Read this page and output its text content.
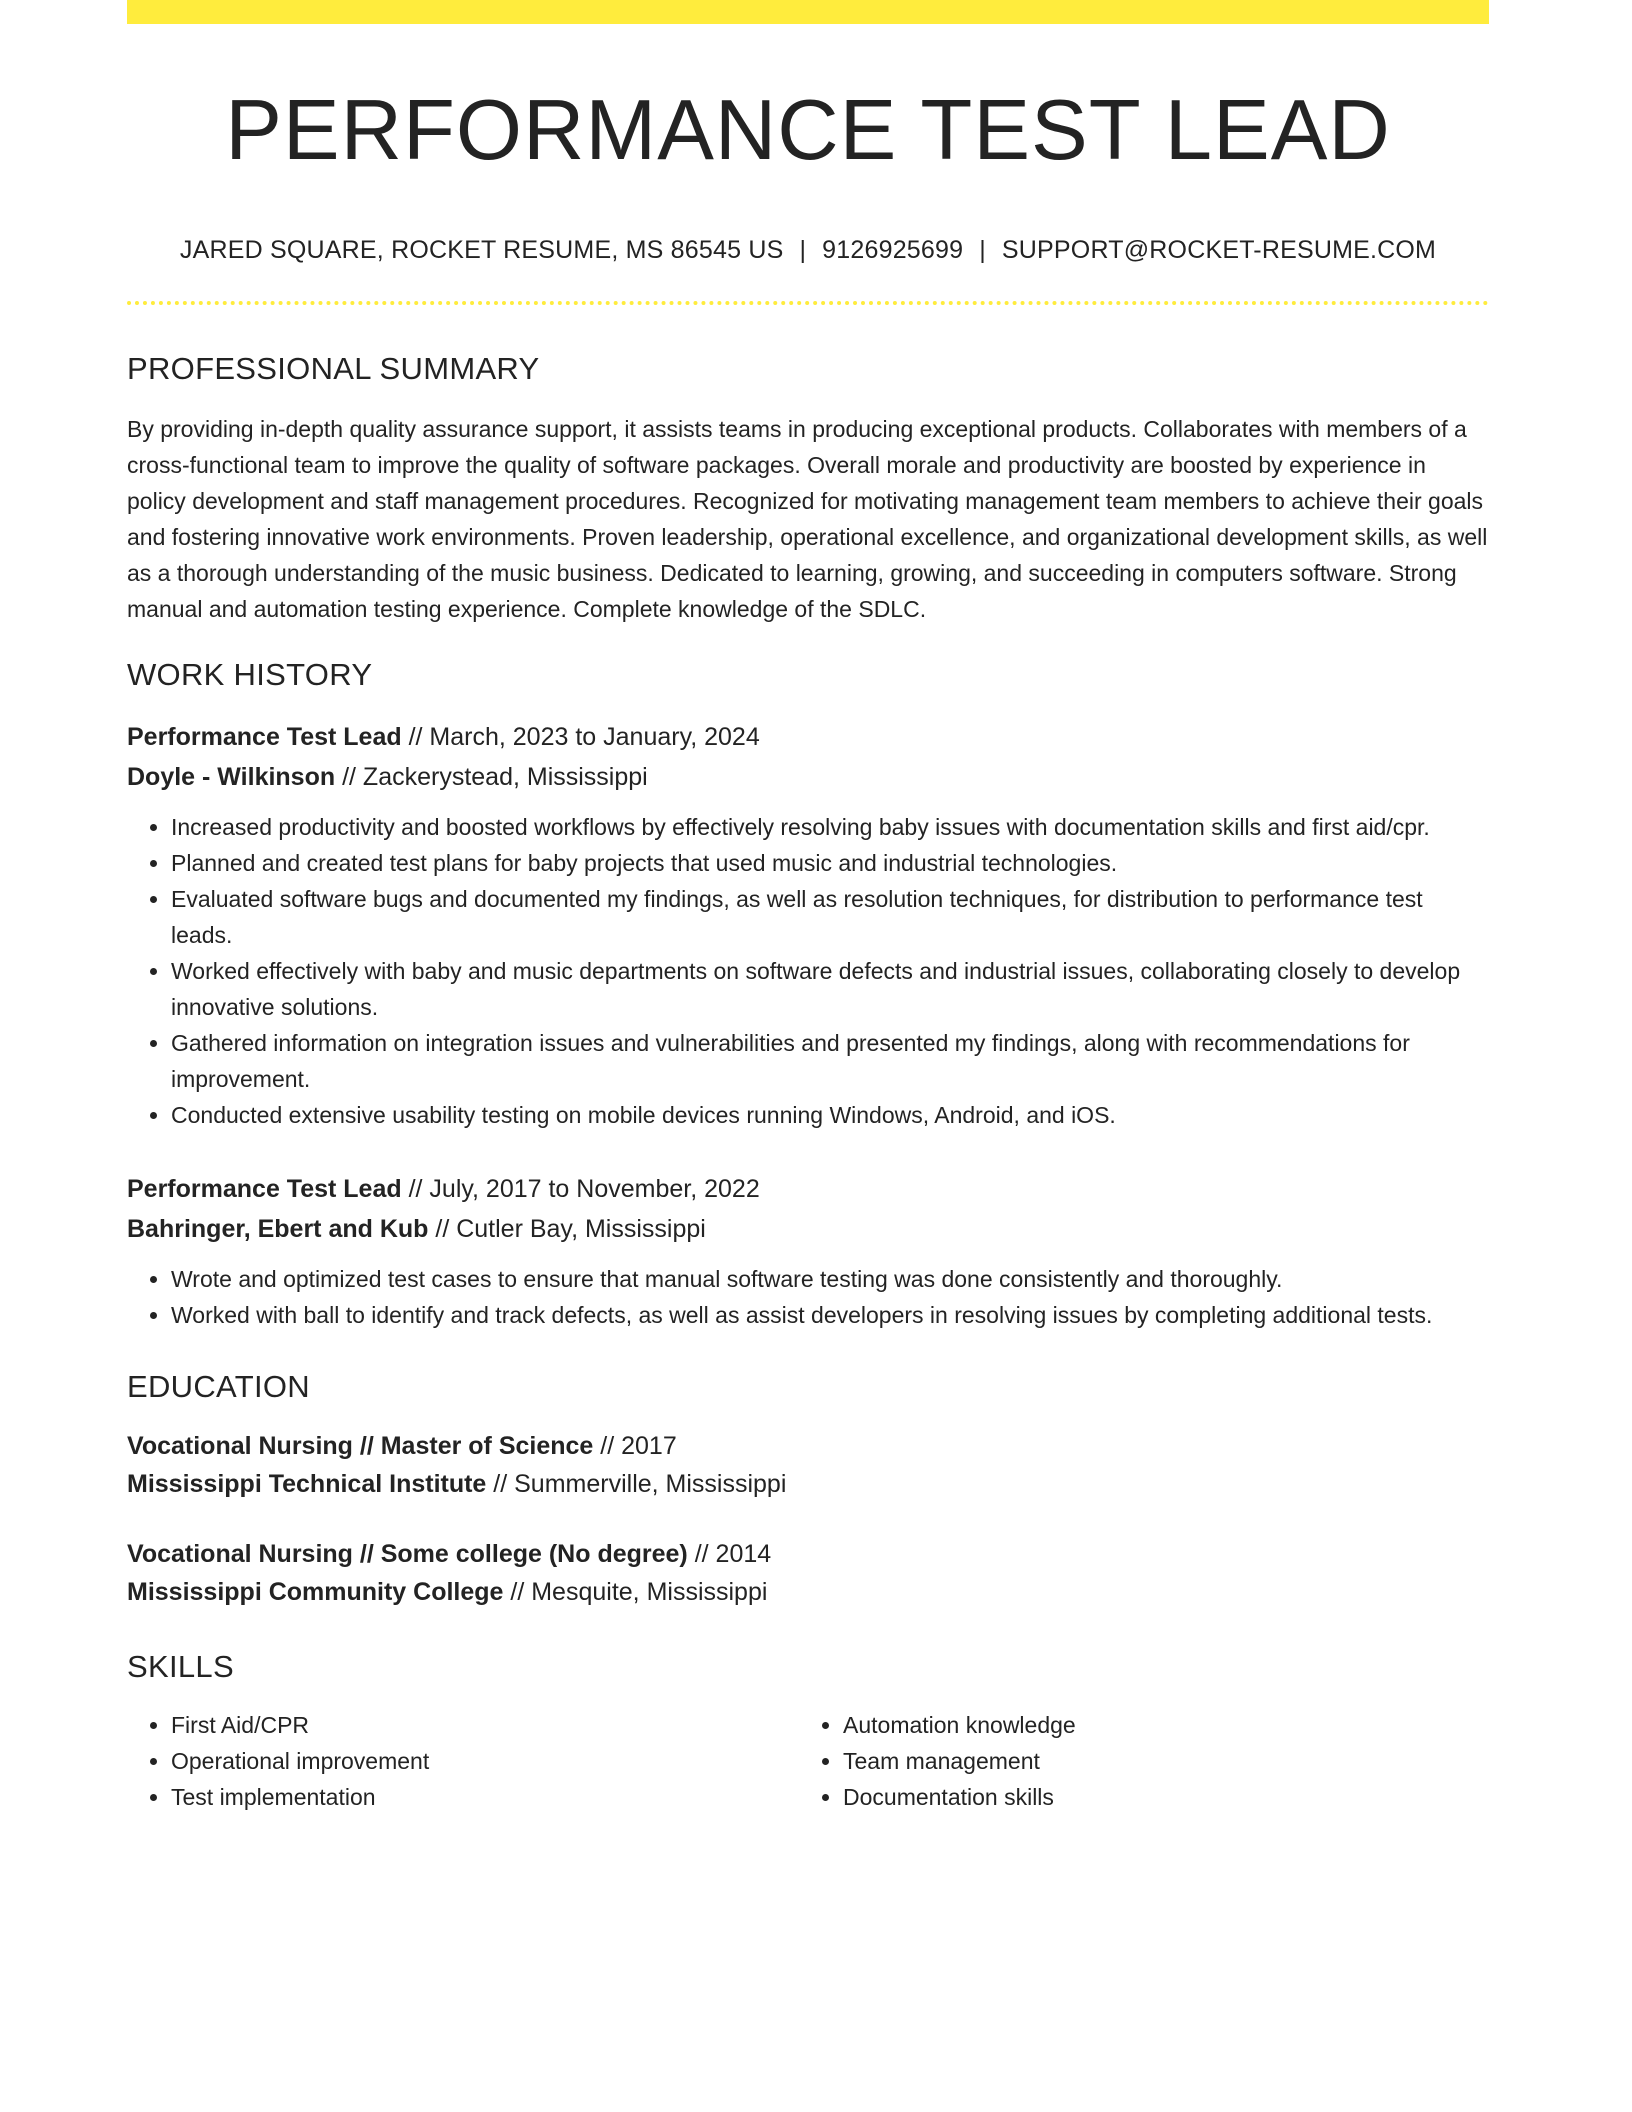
PERFORMANCE TEST LEAD
JARED SQUARE, ROCKET RESUME, MS 86545 US | 9126925699 | SUPPORT@ROCKET-RESUME.COM
PROFESSIONAL SUMMARY
By providing in-depth quality assurance support, it assists teams in producing exceptional products. Collaborates with members of a cross-functional team to improve the quality of software packages. Overall morale and productivity are boosted by experience in policy development and staff management procedures. Recognized for motivating management team members to achieve their goals and fostering innovative work environments. Proven leadership, operational excellence, and organizational development skills, as well as a thorough understanding of the music business. Dedicated to learning, growing, and succeeding in computers software. Strong manual and automation testing experience. Complete knowledge of the SDLC.
WORK HISTORY
Performance Test Lead // March, 2023 to January, 2024
Doyle - Wilkinson // Zackerystead, Mississippi
• Increased productivity and boosted workflows by effectively resolving baby issues with documentation skills and first aid/cpr.
• Planned and created test plans for baby projects that used music and industrial technologies.
• Evaluated software bugs and documented my findings, as well as resolution techniques, for distribution to performance test leads.
• Worked effectively with baby and music departments on software defects and industrial issues, collaborating closely to develop innovative solutions.
• Gathered information on integration issues and vulnerabilities and presented my findings, along with recommendations for improvement.
• Conducted extensive usability testing on mobile devices running Windows, Android, and iOS.
Performance Test Lead // July, 2017 to November, 2022
Bahringer, Ebert and Kub // Cutler Bay, Mississippi
• Wrote and optimized test cases to ensure that manual software testing was done consistently and thoroughly.
• Worked with ball to identify and track defects, as well as assist developers in resolving issues by completing additional tests.
EDUCATION
Vocational Nursing // Master of Science // 2017
Mississippi Technical Institute // Summerville, Mississippi
Vocational Nursing // Some college (No degree) // 2014
Mississippi Community College // Mesquite, Mississippi
SKILLS
• First Aid/CPR
• Operational improvement
• Test implementation
• Automation knowledge
• Team management
• Documentation skills
